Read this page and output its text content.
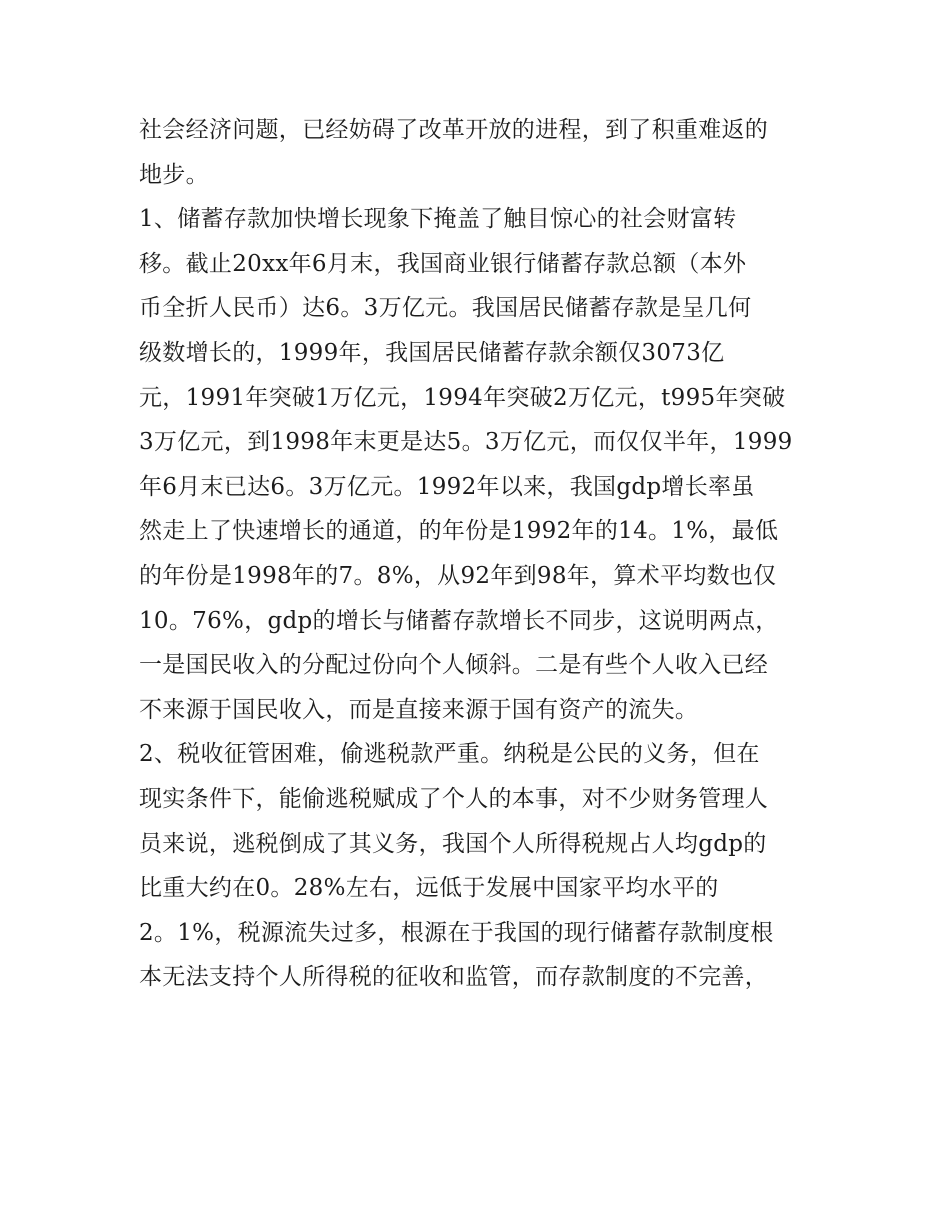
社会经济问题，已经妨碍了改革开放的进程，到了积重难返的
地步。
1、储蓄存款加快增长现象下掩盖了触目惊心的社会财富转
移。截止20xx年6月末，我国商业银行储蓄存款总额（本外
币全折人民币）达6。3万亿元。我国居民储蓄存款是呈几何
级数增长的，1999年，我国居民储蓄存款余额仅3073亿
元，1991年突破1万亿元，1994年突破2万亿元，t995年突破
3万亿元，到1998年末更是达5。3万亿元，而仅仅半年，1999
年6月末已达6。3万亿元。1992年以来，我国gdp增长率虽
然走上了快速增长的通道，的年份是1992年的14。1%，最低
的年份是1998年的7。8%，从92年到98年，算术平均数也仅
10。76%，gdp的增长与储蓄存款增长不同步，这说明两点，
一是国民收入的分配过份向个人倾斜。二是有些个人收入已经
不来源于国民收入，而是直接来源于国有资产的流失。
2、税收征管困难，偷逃税款严重。纳税是公民的义务，但在
现实条件下，能偷逃税赋成了个人的本事，对不少财务管理人
员来说，逃税倒成了其义务，我国个人所得税规占人均gdp的
比重大约在0。28%左右，远低于发展中国家平均水平的
2。1%，税源流失过多，根源在于我国的现行储蓄存款制度根
本无法支持个人所得税的征收和监管，而存款制度的不完善，
